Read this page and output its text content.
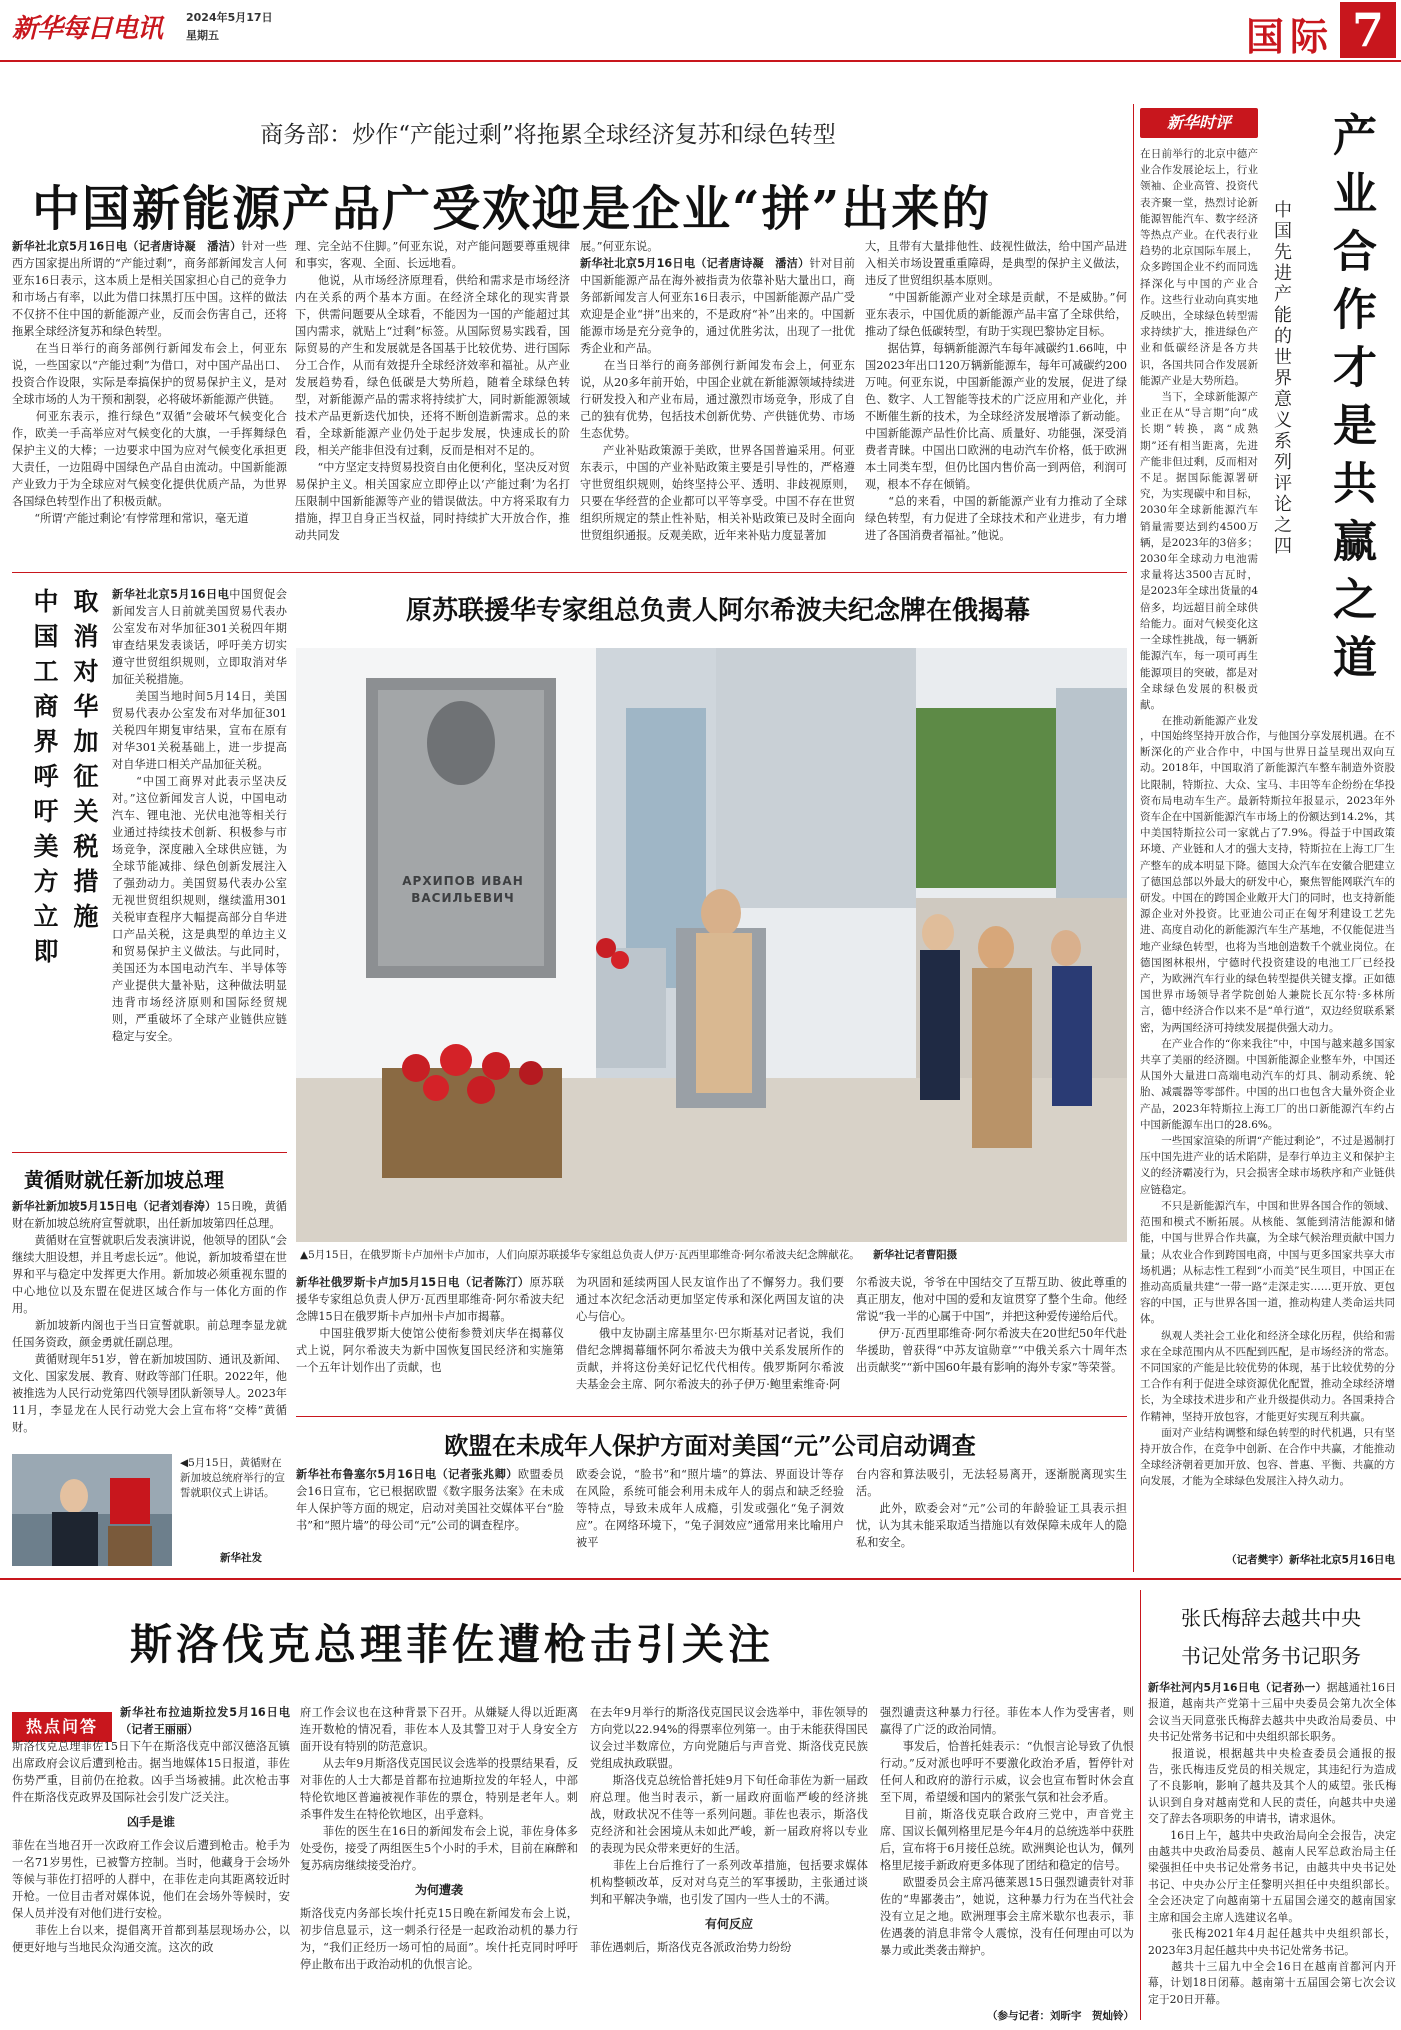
新华每日电讯 2024年5月17日
星期五	国际 7
商务部：炒作“产能过剩”将拖累全球经济复苏和绿色转型
中国新能源产品广受欢迎是企业“拼”出来的
新华社北京5月16日电（记者唐诗凝　潘洁）针对一些西方国家提出所谓的“产能过剩”，商务部新闻发言人何亚东16日表示，这本质上是相关国家担心自己的竞争力和市场占有率，以此为借口抹黑打压中国。这样的做法不仅挤不住中国的新能源产业，反而会伤害自己，还将拖累全球经济复苏和绿色转型。
　　在当日举行的商务部例行新闻发布会上，何亚东说，一些国家以“产能过剩”为借口，对中国产品出口、投资合作设限，实际是奉搞保护的贸易保护主义，是对全球市场的人为干预和割裂，必将破坏新能源产供链。
　　何亚东表示，推行绿色“双循”会破坏气候变化合作，欧美一手高举应对气候变化的大旗，一手挥舞绿色保护主义的大棒；一边要求中国为应对气候变化承担更大责任，一边阻碍中国绿色产品自由流动。中国新能源产业致力于为全球应对气候变化提供优质产品，为世界各国绿色转型作出了积极贡献。
　　“所谓‘产能过剩论’有悖常理和常识，毫无道
理、完全站不住脚。”何亚东说，对产能问题要尊重规律和事实，客观、全面、长远地看。
　　他说，从市场经济原理看，供给和需求是市场经济内在关系的两个基本方面。在经济全球化的现实背景下，供需问题要从全球看，不能因为一国的产能超过其国内需求，就贴上“过剩”标签。从国际贸易实践看，国际贸易的产生和发展就是各国基于比较优势、进行国际分工合作，从而有效提升全球经济效率和福祉。从产业发展趋势看，绿色低碳是大势所趋，随着全球绿色转型，对新能源产品的需求将持续扩大，同时新能源领域技术产品更新迭代加快，还将不断创造新需求。总的来看，全球新能源产业仍处于起步发展，快速成长的阶段，相关产能非但没有过剩，反而是相对不足的。
　　“中方坚定支持贸易投资自由化便利化，坚决反对贸易保护主义。相关国家应立即停止以‘产能过剩’为名打压限制中国新能源等产业的错误做法。中方将采取有力措施，捍卫自身正当权益，同时持续扩大开放合作，推动共同发
展。”何亚东说。
新华社北京5月16日电（记者唐诗凝　潘洁）针对目前中国新能源产品在海外被指责为依靠补贴大量出口，商务部新闻发言人何亚东16日表示，中国新能源产品广受欢迎是企业“拼”出来的，不是政府“补”出来的。中国新能源市场是充分竞争的，通过优胜劣汰，出现了一批优秀企业和产品。
　　在当日举行的商务部例行新闻发布会上，何亚东说，从20多年前开始，中国企业就在新能源领域持续进行研发投入和产业布局，通过激烈市场竞争，形成了自己的独有优势，包括技术创新优势、产供链优势、市场生态优势。
　　产业补贴政策源于美欧，世界各国普遍采用。何亚东表示，中国的产业补贴政策主要是引导性的，严格遵守世贸组织规则，始终坚持公平、透明、非歧视原则，只要在华经营的企业都可以平等享受。中国不存在世贸组织所规定的禁止性补贴，相关补贴政策已及时全面向世贸组织通报。反观美欧，近年来补贴力度显著加
大，且带有大量排他性、歧视性做法，给中国产品进入相关市场设置重重障碍，是典型的保护主义做法，违反了世贸组织基本原则。
　　“中国新能源产业对全球是贡献，不是威胁。”何亚东表示，中国优质的新能源产品丰富了全球供给，推动了绿色低碳转型，有助于实现巴黎协定目标。
　　据估算，每辆新能源汽车每年减碳约1.66吨，中国2023年出口120万辆新能源车，每年可减碳约200万吨。何亚东说，中国新能源产业的发展，促进了绿色、数字、人工智能等技术的广泛应用和产业化，并不断催生新的技术，为全球经济发展增添了新动能。中国新能源产品性价比高、质量好、功能强，深受消费者青睐。中国出口欧洲的电动汽车价格，低于欧洲本土同类车型，但仍比国内售价高一到两倍，利润可观，根本不存在倾销。
　　“总的来看，中国的新能源产业有力推动了全球绿色转型，有力促进了全球技术和产业进步，有力增进了各国消费者福祉。”他说。
中国工商界呼吁美方立即 取消对华加征关税措施 新华社北京5月16日电中国贸促会新闻发言人日前就美国贸易代表办公室发布对华加征301关税四年期审查结果发表谈话，呼吁美方切实遵守世贸组织规则，立即取消对华加征关税措施。
　　美国当地时间5月14日，美国贸易代表办公室发布对华加征301关税四年期复审结果，宣布在原有对华301关税基础上，进一步提高对自华进口相关产品加征关税。
　　“中国工商界对此表示坚决反对。”这位新闻发言人说，中国电动汽车、锂电池、光伏电池等相关行业通过持续技术创新、积极参与市场竞争，深度融入全球供应链，为全球节能减排、绿色创新发展注入了强劲动力。美国贸易代表办公室无视世贸组织规则，继续滥用301关税审查程序大幅提高部分自华进口产品关税，这是典型的单边主义和贸易保护主义做法。与此同时，美国还为本国电动汽车、半导体等产业提供大量补贴，这种做法明显违背市场经济原则和国际经贸规则，严重破坏了全球产业链供应链稳定与安全。

黄循财就任新加坡总理
新华社新加坡5月15日电（记者刘春涛）15日晚，黄循财在新加坡总统府宣誓就职，出任新加坡第四任总理。
　　黄循财在宣誓就职后发表演讲说，他领导的团队“会继续大胆设想，并且考虑长远”。他说，新加坡希望在世界和平与稳定中发挥更大作用。新加坡必须重视东盟的中心地位以及东盟在促进区域合作与一体化方面的作用。
　　新加坡新内阁也于当日宣誓就职。前总理李显龙就任国务资政，颜金勇就任副总理。
　　黄循财现年51岁，曾在新加坡国防、通讯及新闻、文化、国家发展、教育、财政等部门任职。2022年，他被推选为人民行动党第四代领导团队新领导人。2023年11月，李显龙在人民行动党大会上宣布将“交棒”黄循财。
◀5月15日，黄循财在新加坡总统府举行的宣誓就职仪式上讲话。
新华社发
原苏联援华专家组总负责人阿尔希波夫纪念牌在俄揭幕
АРХИПОВ ИВАН ВАСИЛЬЕВИЧ
▲5月15日，在俄罗斯卡卢加州卡卢加市，人们向原苏联援华专家组总负责人伊万·瓦西里耶维奇·阿尔希波夫纪念牌献花。 新华社记者曹阳摄
新华社俄罗斯卡卢加5月15日电（记者陈汀）原苏联援华专家组总负责人伊万·瓦西里耶维奇·阿尔希波夫纪念牌15日在俄罗斯卡卢加州卡卢加市揭幕。
　　中国驻俄罗斯大使馆公使衔参赞刘庆华在揭幕仪式上说，阿尔希波夫为新中国恢复国民经济和实施第一个五年计划作出了贡献，也
为巩固和延续两国人民友谊作出了不懈努力。我们要通过本次纪念活动更加坚定传承和深化两国友谊的决心与信心。
　　俄中友协副主席基里尔·巴尔斯基对记者说，我们借纪念牌揭幕缅怀阿尔希波夫为俄中关系发展所作的贡献，并将这份美好记忆代代相传。俄罗斯阿尔希波夫基金会主席、阿尔希波夫的孙子伊万·鲍里索维奇·阿
尔希波夫说，爷爷在中国结交了互帮互助、彼此尊重的真正朋友，他对中国的爱和友谊贯穿了整个生命。他经常说“我一半的心属于中国”，并把这种爱传递给后代。
　　伊万·瓦西里耶维奇·阿尔希波夫在20世纪50年代赴华援助，曾获得“中苏友谊勋章”“中俄关系六十周年杰出贡献奖”“新中国60年最有影响的海外专家”等荣誉。
欧盟在未成年人保护方面对美国“元”公司启动调查
新华社布鲁塞尔5月16日电（记者张兆卿）欧盟委员会16日宣布，它已根据欧盟《数字服务法案》在未成年人保护等方面的规定，启动对美国社交媒体平台“脸书”和“照片墙”的母公司“元”公司的调查程序。
欧委会说，“脸书”和“照片墙”的算法、界面设计等存在风险，系统可能会利用未成年人的弱点和缺乏经验等特点，导致未成年人成瘾，引发或强化“兔子洞效应”。在网络环境下，“兔子洞效应”通常用来比喻用户被平
台内容和算法吸引，无法轻易离开，逐渐脱离现实生活。
　　此外，欧委会对“元”公司的年龄验证工具表示担忧，认为其未能采取适当措施以有效保障未成年人的隐私和安全。
新华时评	产业合作才是共赢之道
中国先进产能的世界意义系列评论之四
在日前举行的北京中德产业合作发展论坛上，行业领袖、企业高管、投资代表齐聚一堂，热烈讨论新能源智能汽车、数字经济等热点产业。在代表行业趋势的北京国际车展上，众多跨国企业不约而同选择深化与中国的产业合作。这些行业动向真实地反映出，全球绿色转型需求持续扩大，推进绿色产业和低碳经济是各方共识，各国共同合作发展新能源产业是大势所趋。
　　当下，全球新能源产业正在从“导言期”向“成长期”转换，离“成熟期”还有相当距离，先进产能非但过剩，反而相对不足。据国际能源署研究，为实现碳中和目标，2030年全球新能源汽车销量需要达到约4500万辆，是2023年的3倍多；2030年全球动力电池需求量将达3500吉瓦时，是2023年全球出货量的4倍多，均远超目前全球供给能力。面对气候变化这一全球性挑战，每一辆新能源汽车，每一项可再生能源项目的突破，都是对全球绿色发展的积极贡献。
　　在推动新能源产业发

，中国始终坚持开放合作，与他国分享发展机遇。在不断深化的产业合作中，中国与世界日益呈现出双向互动。2018年，中国取消了新能源汽车整车制造外资股比限制，特斯拉、大众、宝马、丰田等车企纷纷在华投资布局电动车生产。最新特斯拉年报显示，2023年外资车企在中国新能源汽车市场上的份额达到14.2%，其中美国特斯拉公司一家就占了7.9%。得益于中国政策环境、产业链和人才的强大支持，特斯拉在上海工厂生产整车的成本明显下降。德国大众汽车在安徽合肥建立了德国总部以外最大的研发中心，聚焦智能网联汽车的研发。中国在的跨国企业敞开大门的同时，也支持新能源企业对外投资。比亚迪公司正在匈牙利建设工艺先进、高度自动化的新能源汽车生产基地，不仅能促进当地产业绿色转型，也将为当地创造数千个就业岗位。在德国图林根州，宁德时代投资建设的电池工厂已经投产，为欧洲汽车行业的绿色转型提供关键支撑。正如德国世界市场领导者学院创始人兼院长瓦尔特·多林所言，德中经济合作以来不是“单行道”，双边经贸联系紧密，为两国经济可持续发展提供强大动力。
　　在产业合作的“你来我往”中，中国与越来越多国家共享了美丽的经济圈。中国新能源企业整车外，中国还从国外大量进口高端电动汽车的灯具、制动系统、轮胎、减震器等零部件。中国的出口也包含大量外资企业产品，2023年特斯拉上海工厂的出口新能源汽车约占中国新能源车出口的28.6%。
　　一些国家渲染的所谓“产能过剩论”，不过是遏制打压中国先进产业的话术陷阱，是奉行单边主义和保护主义的经济霸凌行为，只会损害全球市场秩序和产业链供应链稳定。
　　不只是新能源汽车，中国和世界各国合作的领域、范围和模式不断拓展。从核能、氢能到清洁能源和储能，中国与世界合作共赢，为全球气候治理贡献中国力量；从农业合作到跨国电商，中国与更多国家共享大市场机遇；从标志性工程到“小而美”民生项目，中国正在推动高质量共建“一带一路”走深走实……更开放、更包容的中国，正与世界各国一道，推动构建人类命运共同体。
　　纵观人类社会工业化和经济全球化历程，供给和需求在全球范围内从不匹配到匹配，是市场经济的常态。不同国家的产能是比较优势的体现，基于比较优势的分工合作有利于促进全球资源优化配置，推动全球经济增长，为全球技术进步和产业升级提供动力。各国秉持合作精神，坚持开放包容，才能更好实现互利共赢。
　　面对产业结构调整和绿色转型的时代机遇，只有坚持开放合作，在竞争中创新、在合作中共赢，才能推动全球经济朝着更加开放、包容、普惠、平衡、共赢的方向发展，才能为全球绿色发展注入持久动力。
（记者樊宇）新华社北京5月16日电
斯洛伐克总理菲佐遭枪击引关注
热点问答
新华社布拉迪斯拉发5月16日电（记者王丽丽）
斯洛伐克总理菲佐15日下午在斯洛伐克中部汉德洛瓦镇出席政府会议后遭到枪击。据当地媒体15日报道，菲佐伤势严重，目前仍在抢救。凶手当场被捕。此次枪击事件在斯洛伐克政界及国际社会引发广泛关注。
凶手是谁
菲佐在当地召开一次政府工作会议后遭到枪击。枪手为一名71岁男性，已被警方控制。当时，他藏身于会场外等候与菲佐打招呼的人群中，在菲佐走向其距离较近时开枪。一位目击者对媒体说，他们在会场外等候时，安保人员并没有对他们进行安检。
　　菲佐上台以来，提倡离开首都到基层现场办公，以便更好地与当地民众沟通交流。这次的政
府工作会议也在这种背景下召开。从嫌疑人得以近距离连开数枪的情况看，菲佐本人及其警卫对于人身安全方面开设有特别的防范意识。
　　从去年9月斯洛伐克国民议会选举的投票结果看，反对菲佐的人士大都是首都布拉迪斯拉发的年轻人，中部特伦钦地区普遍被视作菲佐的票仓，特别是老年人。刺杀事件发生在特伦钦地区，出乎意料。
　　菲佐的医生在16日的新闻发布会上说，菲佐身体多处受伤，接受了两组医生5个小时的手术，目前在麻醉和复苏病房继续接受治疗。
为何遭袭
斯洛伐克内务部长埃什托克15日晚在新闻发布会上说，初步信息显示，这一刺杀行径是一起政治动机的暴力行为，“我们正经历一场可怕的局面”。埃什托克同时呼吁停止散布出于政治动机的仇恨言论。
在去年9月举行的斯洛伐克国民议会选举中，菲佐领导的方向党以22.94%的得票率位列第一。由于未能获得国民议会过半数席位，方向党随后与声音党、斯洛伐克民族党组成执政联盟。
　　斯洛伐克总统恰普托娃9月下旬任命菲佐为新一届政府总理。他当时表示，新一届政府面临严峻的经济挑战，财政状况不佳等一系列问题。菲佐也表示，斯洛伐克经济和社会困境从未如此严峻，新一届政府将以专业的表现为民众带来更好的生活。
　　菲佐上台后推行了一系列改革措施，包括要求媒体机构整顿改革，反对对乌克兰的军事援助，主张通过谈判和平解决争端，也引发了国内一些人士的不满。
有何反应
菲佐遇刺后，斯洛伐克各派政治势力纷纷
强烈谴责这种暴力行径。菲佐本人作为受害者，则赢得了广泛的政治同情。
　　事发后，恰普托娃表示：“仇恨言论导致了仇恨行动。”反对派也呼吁不要激化政治矛盾，暂停针对任何人和政府的游行示威，议会也宣布暂时休会直至下周，希望缓和国内的紧张气氛和社会矛盾。
　　目前，斯洛伐克联合政府三党中，声音党主席、国议长佩列格里尼是今年4月的总统选举中获胜后，宣布将于6月接任总统。欧洲舆论也认为，佩列格里尼接手新政府更多体现了团结和稳定的信号。
　　欧盟委员会主席冯德莱恩15日强烈谴责针对菲佐的“卑鄙袭击”，她说，这种暴力行为在当代社会没有立足之地。欧洲理事会主席米歇尔也表示，菲佐遇袭的消息非常令人震惊，没有任何理由可以为暴力或此类袭击辩护。
（参与记者：刘昕宇　贺灿铃）
张氏梅辞去越共中央
书记处常务书记职务
新华社河内5月16日电（记者孙一）据越通社16日报道，越南共产党第十三届中央委员会第九次全体会议当天同意张氏梅辞去越共中央政治局委员、中央书记处常务书记和中央组织部长职务。
　　报道说，根据越共中央检查委员会通报的报告，张氏梅违反党员的相关规定，其违纪行为造成了不良影响，影响了越共及其个人的威望。张氏梅认识到自身对越南党和人民的责任，向越共中央递交了辞去各项职务的申请书，请求退休。
　　16日上午，越共中央政治局向全会报告，决定由越共中央政治局委员、越南人民军总政治局主任梁强担任中央书记处常务书记，由越共中央书记处书记、中央办公厅主任黎明兴担任中央组织部长。全会还决定了向越南第十五届国会递交的越南国家主席和国会主席人选建议名单。
　　张氏梅2021年4月起任越共中央组织部长，2023年3月起任越共中央书记处常务书记。
　　越共十三届九中全会16日在越南首都河内开幕，计划18日闭幕。越南第十五届国会第七次会议定于20日开幕。
